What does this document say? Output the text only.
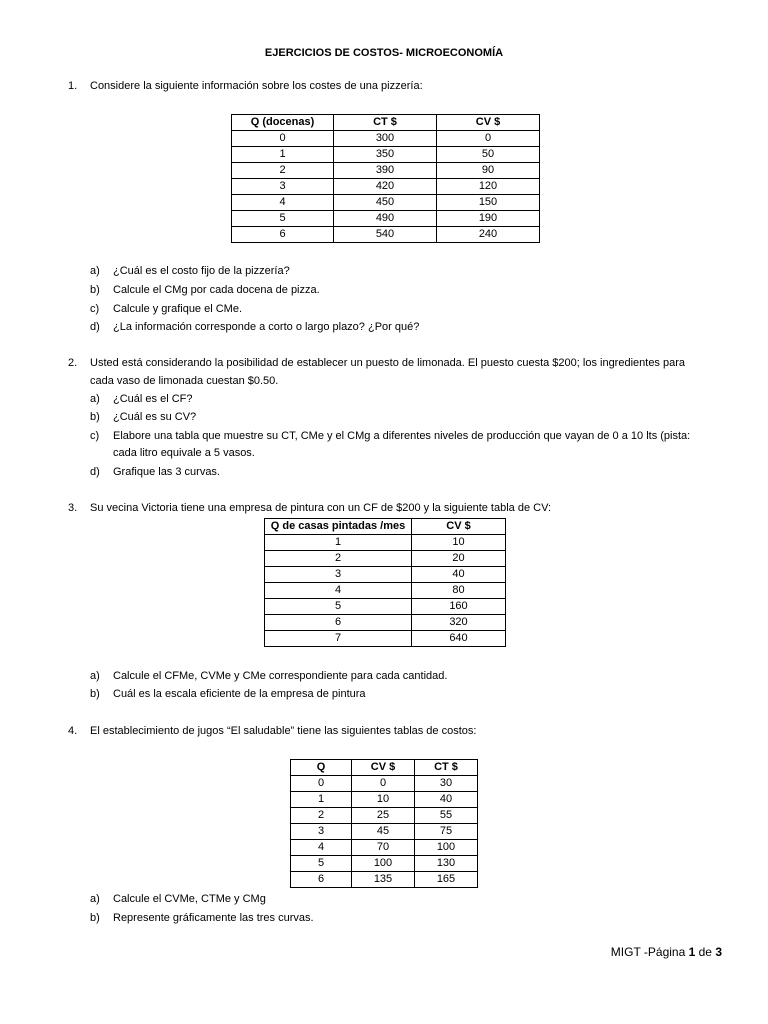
EJERCICIOS DE COSTOS- MICROECONOMÍA
1. Considere la siguiente información sobre los costes de una pizzería:
Q (docenas)	CT $	CV $
0	300	0
1	350	50
2	390	90
3	420	120
4	450	150
5	490	190
6	540	240
a) ¿Cuál es el costo fijo de la pizzería?
b) Calcule el CMg por cada docena de pizza.
c) Calcule y grafique el CMe.
d) ¿La información corresponde a corto o largo plazo? ¿Por qué?
2. Usted está considerando la posibilidad de establecer un puesto de limonada. El puesto cuesta $200; los ingredientes para
cada vaso de limonada cuestan $0.50.
a) ¿Cuál es el CF?
b) ¿Cuál es su CV?
c) Elabore una tabla que muestre su CT, CMe y el CMg a diferentes niveles de producción que vayan de 0 a 10 lts (pista:
cada litro equivale a 5 vasos.
d) Grafique las 3 curvas.
3. Su vecina Victoria tiene una empresa de pintura con un CF de $200 y la siguiente tabla de CV:
Q de casas pintadas /mes	CV $
1	10
2	20
3	40
4	80
5	160
6	320
7	640
a) Calcule el CFMe, CVMe y CMe correspondiente para cada cantidad.
b) Cuál es la escala eficiente de la empresa de pintura
4. El establecimiento de jugos “El saludable” tiene las siguientes tablas de costos:
Q	CV $	CT $
0	0	30
1	10	40
2	25	55
3	45	75
4	70	100
5	100	130
6	135	165
a) Calcule el CVMe, CTMe y CMg
b) Represente gráficamente las tres curvas.
MIGT -Página 1 de 3
